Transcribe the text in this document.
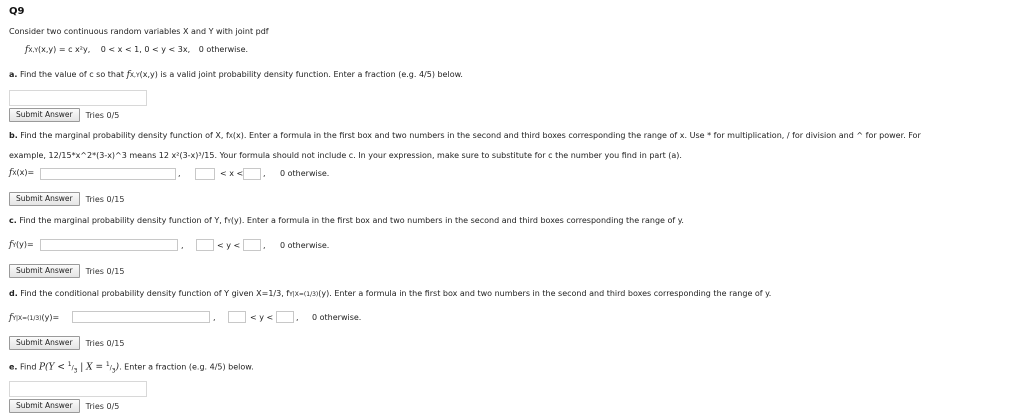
Q9
Consider two continuous random variables X and Y with joint pdf
fX,Y(x,y) = c x²y, 0 < x < 1, 0 < y < 3x, 0 otherwise.
a. Find the value of c so that fX,Y(x,y) is a valid joint probability density function. Enter a fraction (e.g. 4/5) below.
Submit Answer	Tries 0/5
b. Find the marginal probability density function of X, fX(x). Enter a formula in the first box and two numbers in the second and third boxes corresponding the range of x. Use * for multiplication, / for division and ^ for power. For
example, 12/15*x^2*(3-x)^3 means 12 x²(3-x)³/15. Your formula should not include c. In your expression, make sure to substitute for c the number you find in part (a).
fX(x)=	,	< x < , 0 otherwise.
Submit Answer	Tries 0/15
c. Find the marginal probability density function of Y, fY(y). Enter a formula in the first box and two numbers in the second and third boxes corresponding the range of y.
fY(y)=	,	< y <	, 0 otherwise.
Submit Answer	Tries 0/15
d. Find the conditional probability density function of Y given X=1/3, fY|X=(1/3)(y). Enter a formula in the first box and two numbers in the second and third boxes corresponding the range of y.
fY|X=(1/3)(y)=	,	< y <	, 0 otherwise.
Submit Answer	Tries 0/15
e. Find $P(Y < ^1/_3$ | $X = ^1/_3$). Enter a fraction (e.g. 4/5) below.
Submit Answer	Tries 0/5
